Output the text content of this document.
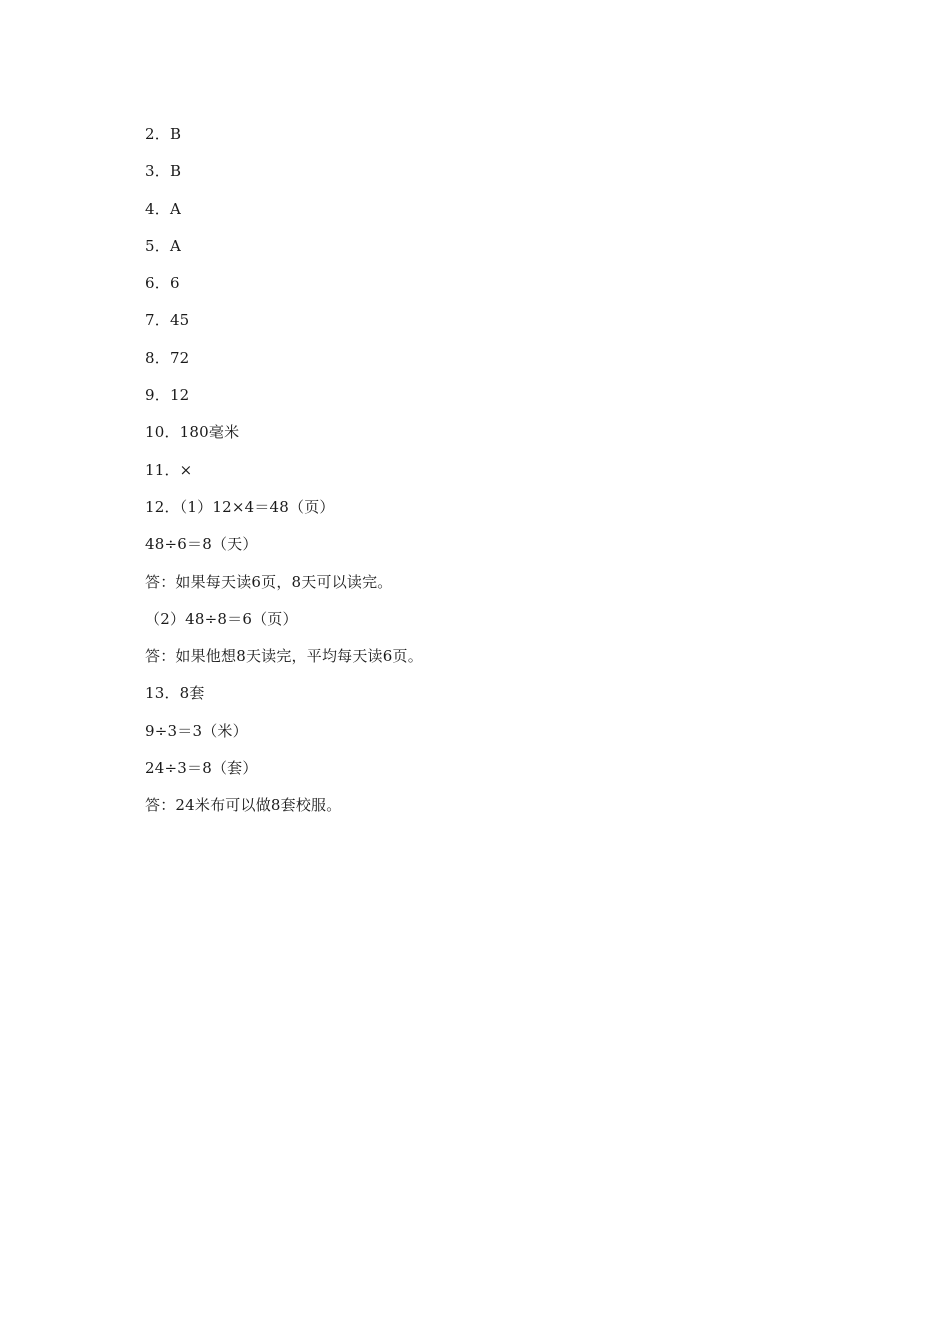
2．B
3．B
4．A
5．A
6．6
7．45
8．72
9．12
10．180毫米
11．×
12．（1）12×4＝48（页）
48÷6＝8（天）
答：如果每天读6页，8天可以读完。
（2）48÷8＝6（页）
答：如果他想8天读完，平均每天读6页。
13．8套
9÷3＝3（米）
24÷3＝8（套）
答：24米布可以做8套校服。
